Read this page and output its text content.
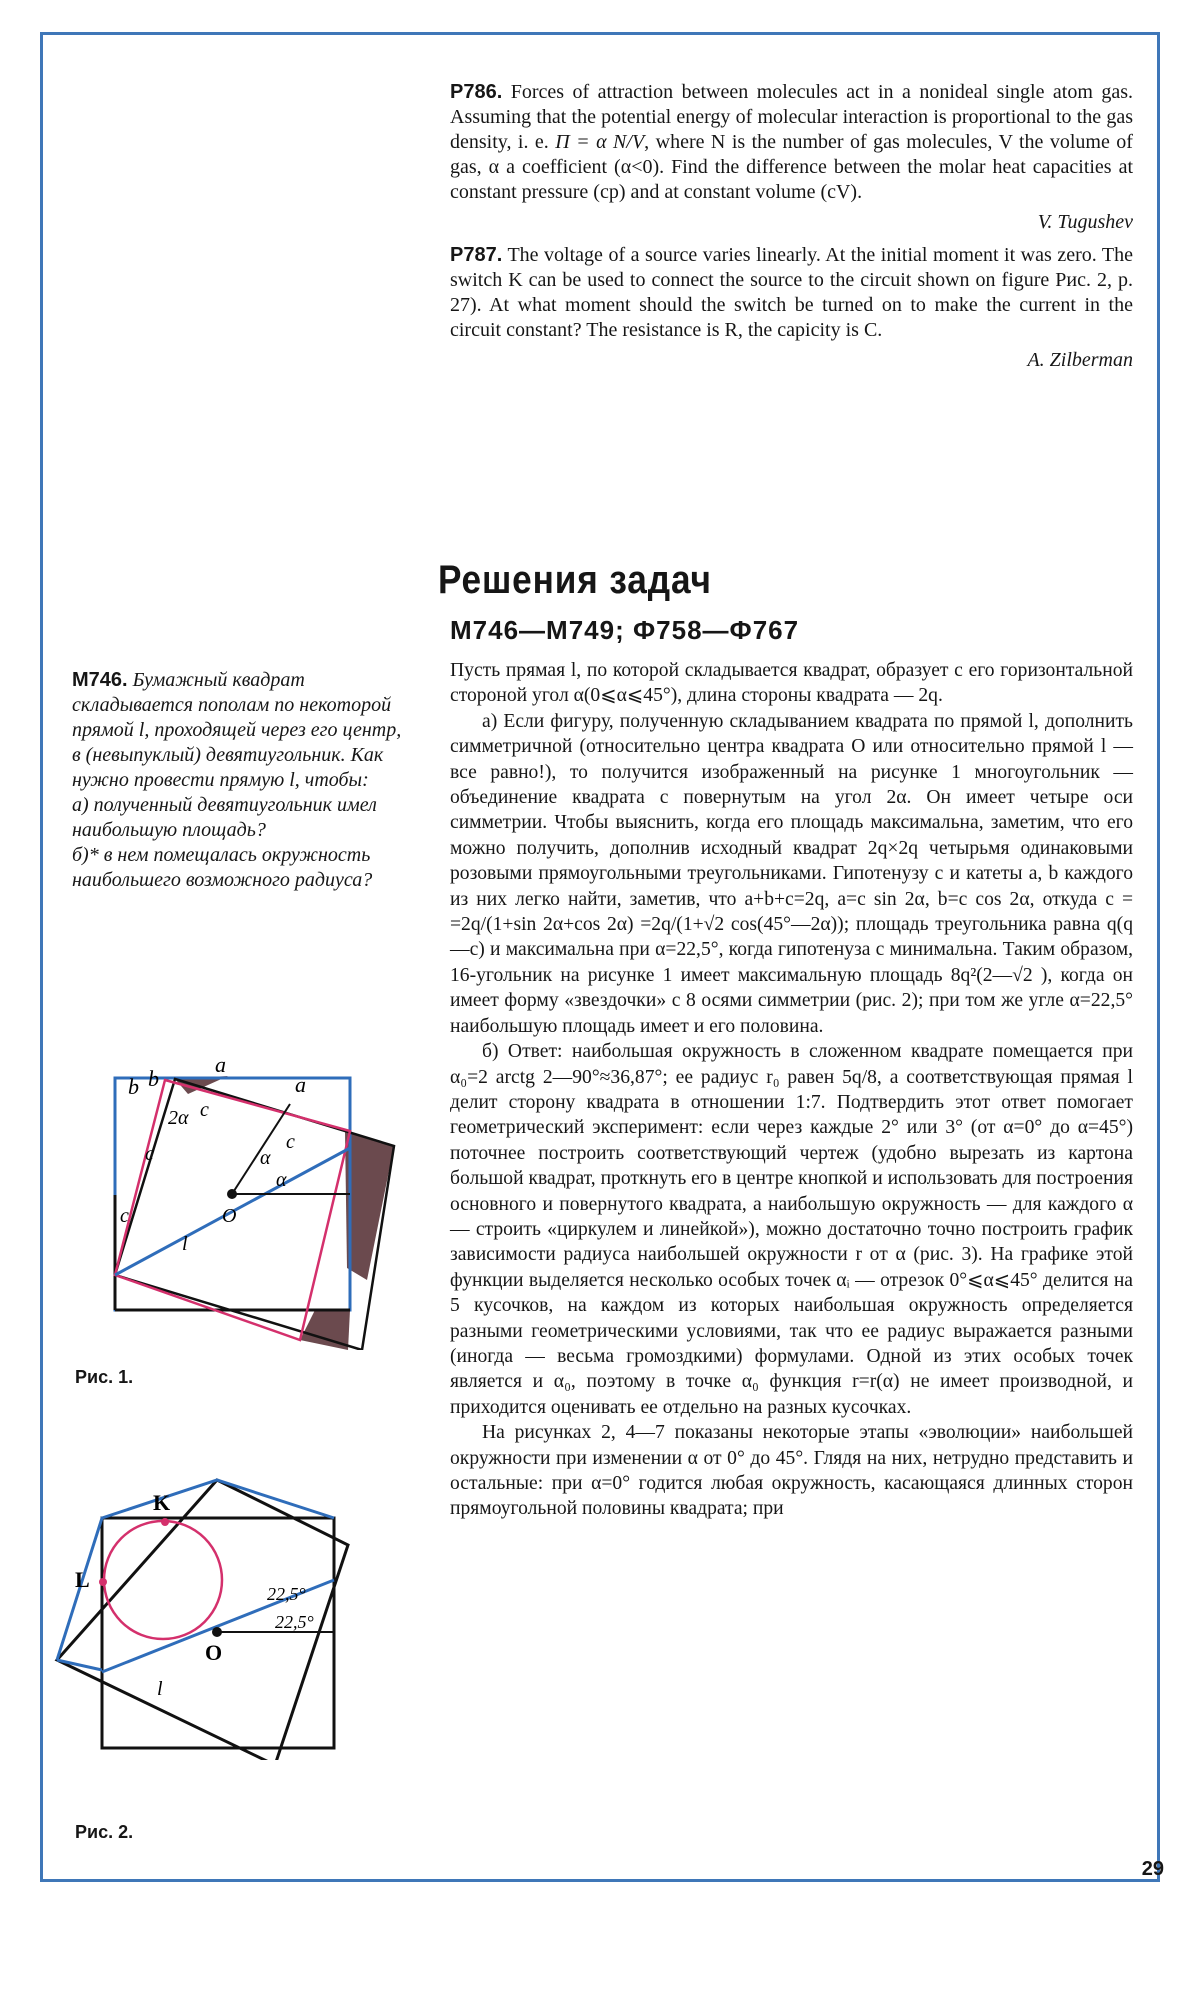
P786. Forces of attraction between molecules act in a nonideal single atom gas. Assuming that the potential energy of molecular interaction is proportional to the gas density, i. e. Π = α N/V, where N is the number of gas molecules, V the volume of gas, α a coefficient (α<0). Find the difference between the molar heat capacities at constant pressure (cp) and at constant volume (cV).

V. Tugushev

P787. The voltage of a source varies linearly. At the initial moment it was zero. The switch K can be used to connect the source to the circuit shown on figure Рис. 2, p. 27). At what moment should the switch be turned on to make the current in the circuit constant? The resistance is R, the capicity is C.

A. Zilberman

Решения задач
М746—М749; Ф758—Ф767
М746. Бумажный квадрат складывается пополам по некоторой прямой l, проходящей через его центр, в (невыпуклый) девятиугольник. Как нужно провести прямую l, чтобы:
а) полученный девятиугольник имел наибольшую площадь?
б)* в нем помещалась окружность наибольшего возможного радиуса?

Пусть прямая l, по которой складывается квадрат, образует с его горизонтальной стороной угол α(0⩽α⩽45°), длина стороны квадрата — 2q.

а) Если фигуру, полученную складыванием квадрата по прямой l, дополнить симметричной (относительно центра квадрата O или относительно прямой l — все равно!), то получится изображенный на рисунке 1 многоугольник — объединение квадрата с повернутым на угол 2α. Он имеет четыре оси симметрии. Чтобы выяснить, когда его площадь максимальна, заметим, что его можно получить, дополнив исходный квадрат 2q×2q четырьмя одинаковыми розовыми прямоугольными треугольниками. Гипотенузу c и катеты a, b каждого из них легко найти, заметив, что a+b+c=2q, a=c sin 2α, b=c cos 2α, откуда c = =2q/(1+sin 2α+cos 2α) =2q/(1+√2 cos(45°—2α)); площадь треугольника равна q(q—c) и максимальна при α=22,5°, когда гипотенуза c минимальна. Таким образом, 16-угольник на рисунке 1 имеет максимальную площадь 8q²(2—√2 ), когда он имеет форму «звездочки» с 8 осями симметрии (рис. 2); при том же угле α=22,5° наибольшую площадь имеет и его половина.

б) Ответ: наибольшая окружность в сложенном квадрате помещается при α₀=2 arctg 2—90°≈36,87°; ее радиус r₀ равен 5q/8, а соответствующая прямая l делит сторону квадрата в отношении 1:7. Подтвердить этот ответ помогает геометрический эксперимент: если через каждые 2° или 3° (от α=0° до α=45°) поточнее построить соответствующий чертеж (удобно вырезать из картона большой квадрат, проткнуть его в центре кнопкой и использовать для построения основного и повернутого квадрата, а наибольшую окружность — для каждого α — строить «циркулем и линейкой»), можно достаточно точно построить график зависимости радиуса наибольшей окружности r от α (рис. 3). На графике этой функции выделяется несколько особых точек αᵢ — отрезок 0°⩽α⩽45° делится на 5 кусочков, на каждом из которых наибольшая окружность определяется разными геометрическими условиями, так что ее радиус выражается разными (иногда — весьма громоздкими) формулами. Одной из этих особых точек является и α₀, поэтому в точке α₀ функция r=r(α) не имеет производной, и приходится оценивать ее отдельно на разных кусочках.

На рисунках 2, 4—7 показаны некоторые этапы «эволюции» наибольшей окружности при изменении α от 0° до 45°. Глядя на них, нетрудно представить и остальные: при α=0° годится любая окружность, касающаяся длинных сторон прямоугольной половины квадрата; при

a
a
b b
2α c
c
c
c
α
α
O
l
Рис. 1.
K
L
22,5°
22,5°
O
l
Рис. 2.
29
